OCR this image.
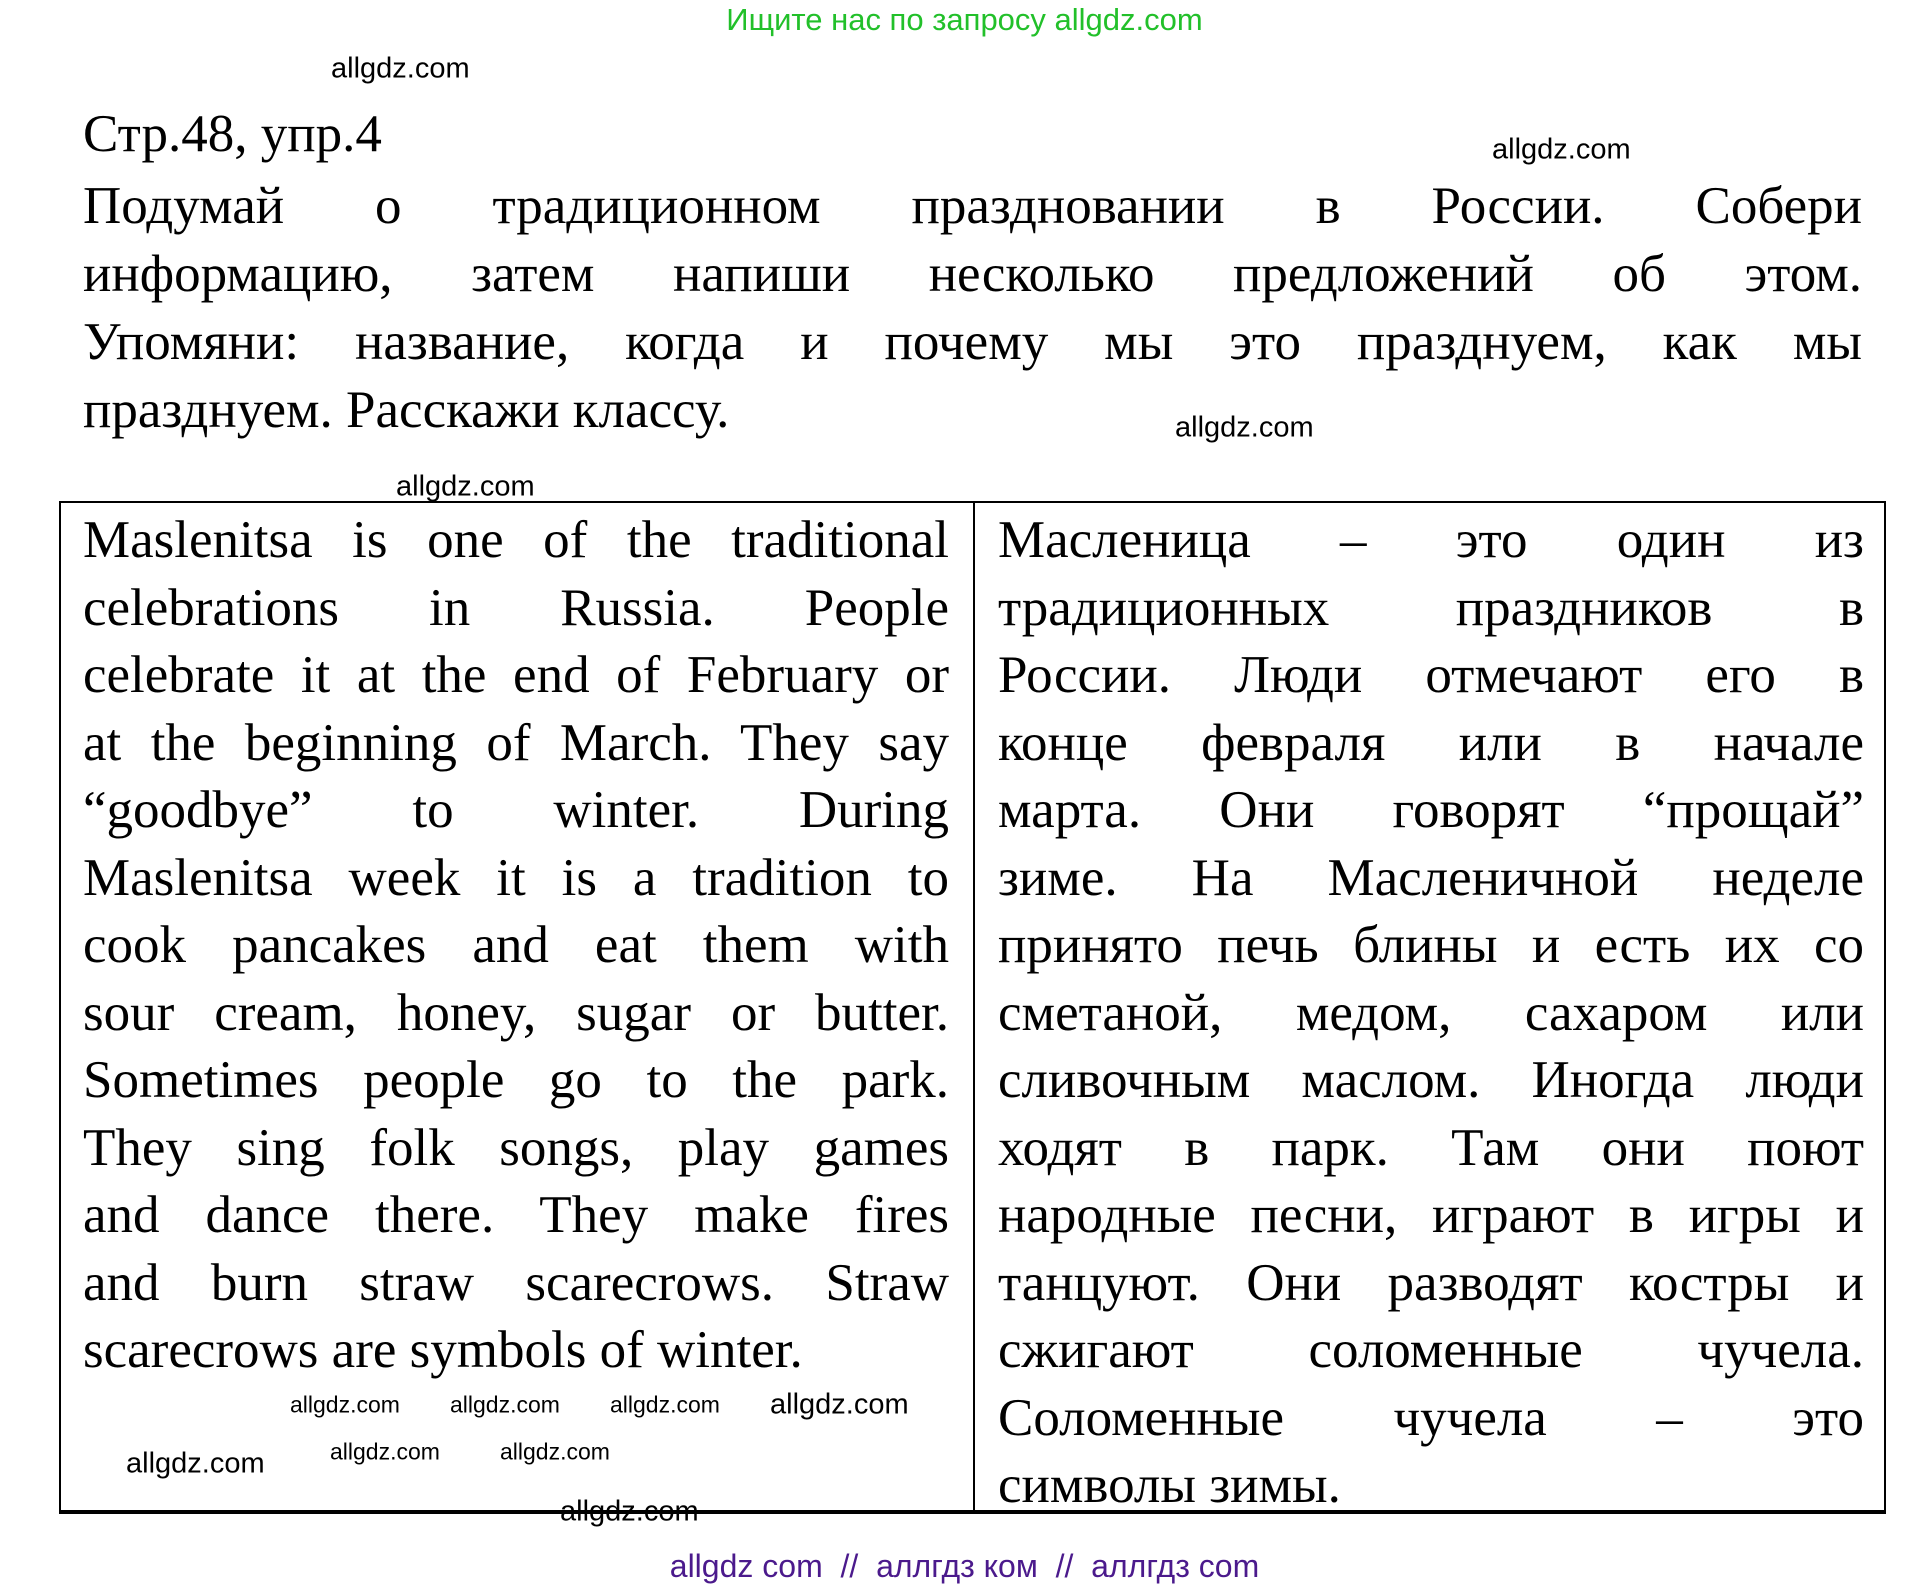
Ищите нас по запросу allgdz.com
Стр.48, упр.4
Подумай о традиционном праздновании в России. Собери
информацию, затем напиши несколько предложений об этом.
Упомяни: название, когда и почему мы это празднуем, как мы
празднуем. Расскажи классу.
Maslenitsa is one of the traditional
celebrations in Russia. People
celebrate it at the end of February or
at the beginning of March. They say
“goodbye” to winter. During
Maslenitsa week it is a tradition to
cook pancakes and eat them with
sour cream, honey, sugar or butter.
Sometimes people go to the park.
They sing folk songs, play games
and dance there. They make fires
and burn straw scarecrows. Straw
scarecrows are symbols of winter.
Масленица – это один из
традиционных праздников в
России. Люди отмечают его в
конце февраля или в начале
марта. Они говорят “прощай”
зиме. На Масленичной неделе
принято печь блины и есть их со
сметаной, медом, сахаром или
сливочным маслом. Иногда люди
ходят в парк. Там они поют
народные песни, играют в игры и
танцуют. Они разводят костры и
сжигают соломенные чучела.
Соломенные чучела – это
символы зимы.
allgdz.com
allgdz.com
allgdz.com
allgdz.com
allgdz.com allgdz.com allgdz.com
allgdz.com	allgdz.com
allgdz.com
allgdz.com
allgdz.com
allgdz com  //  аллгдз ком  //  аллгдз com
